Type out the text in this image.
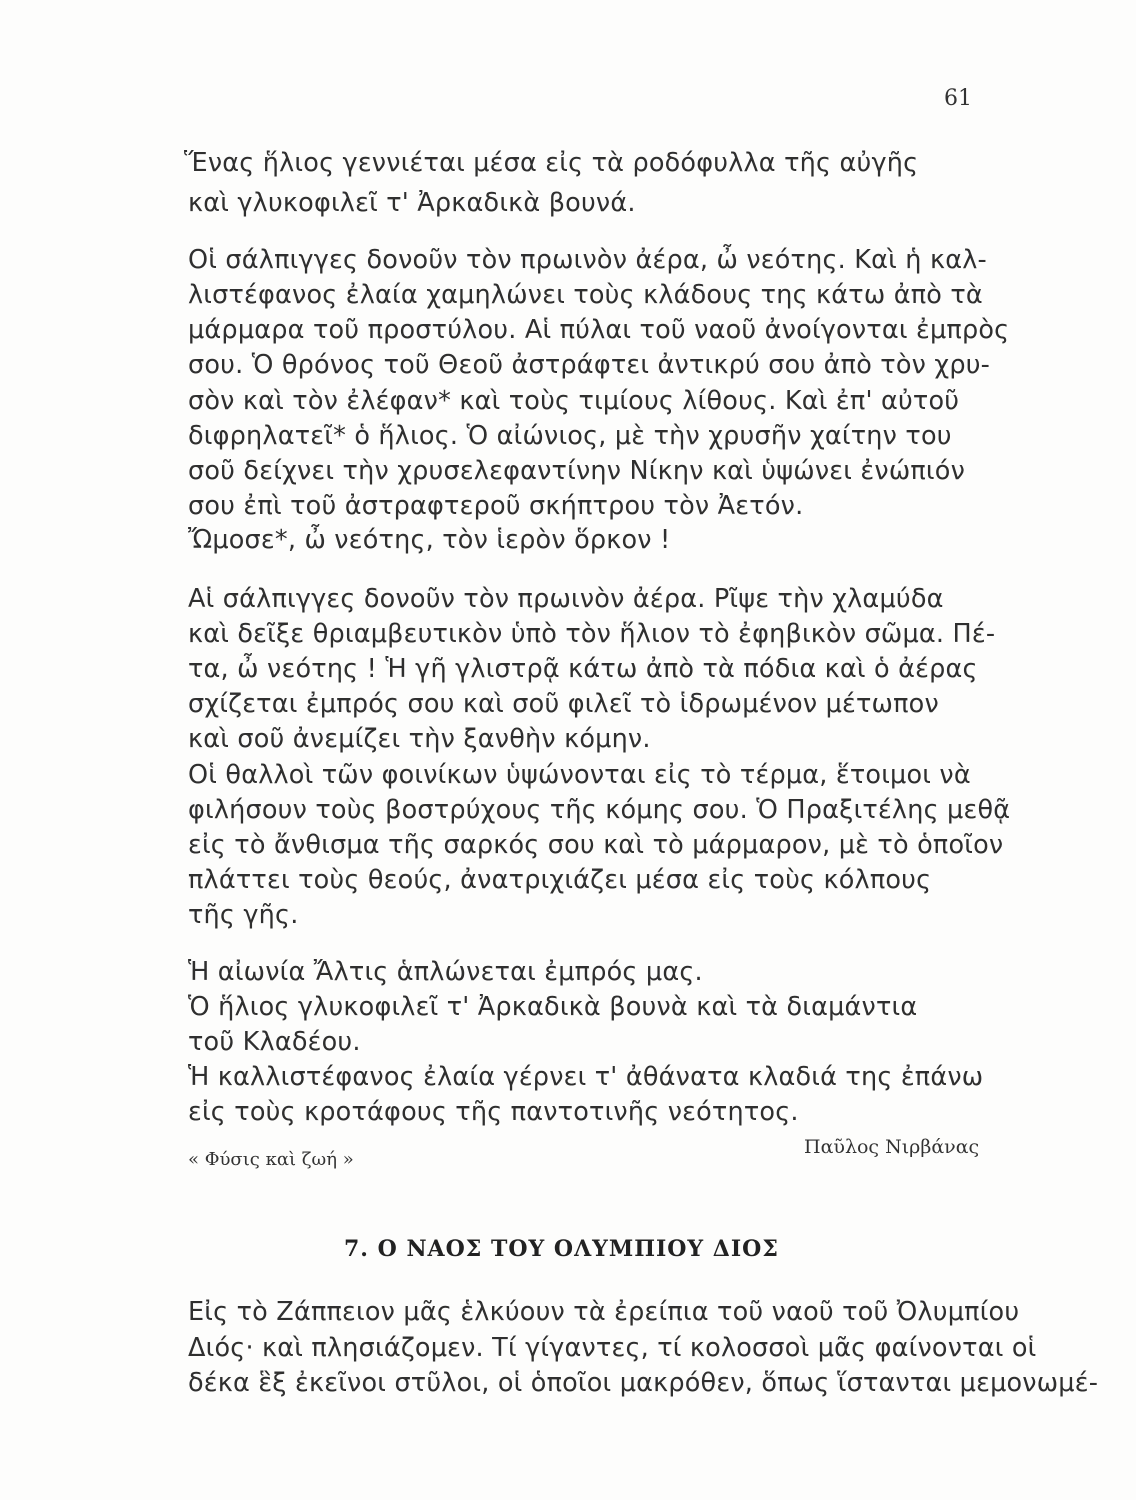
61
Ἕνας ἥλιος γεννιέται μέσα εἰς τὰ ροδόφυλλα τῆς αὐγῆς
καὶ γλυκοφιλεῖ τ' Ἀρκαδικὰ βουνά.
Οἱ σάλπιγγες δονοῦν τὸν πρωινὸν ἀέρα, ὦ νεότης. Καὶ ἡ καλ-
λιστέφανος ἐλαία χαμηλώνει τοὺς κλάδους της κάτω ἀπὸ τὰ
μάρμαρα τοῦ προστύλου. Αἱ πύλαι τοῦ ναοῦ ἀνοίγονται ἐμπρὸς
σου. Ὁ θρόνος τοῦ Θεοῦ ἀστράφτει ἀντικρύ σου ἀπὸ τὸν χρυ-
σὸν καὶ τὸν ἐλέφαν* καὶ τοὺς τιμίους λίθους. Καὶ ἐπ' αὐτοῦ
διφρηλατεῖ* ὁ ἥλιος. Ὁ αἰώνιος, μὲ τὴν χρυσῆν χαίτην του
σοῦ δείχνει τὴν χρυσελεφαντίνην Νίκην καὶ ὑψώνει ἐνώπιόν
σου ἐπὶ τοῦ ἀστραφτεροῦ σκήπτρου τὸν Ἀετόν.
Ὤμοσε*, ὦ νεότης, τὸν ἱερὸν ὅρκον !
Αἱ σάλπιγγες δονοῦν τὸν πρωινὸν ἀέρα. Ρῖψε τὴν χλαμύδα
καὶ δεῖξε θριαμβευτικὸν ὑπὸ τὸν ἥλιον τὸ ἐφηβικὸν σῶμα. Πέ-
τα, ὦ νεότης ! Ἡ γῆ γλιστρᾷ κάτω ἀπὸ τὰ πόδια καὶ ὁ ἀέρας
σχίζεται ἐμπρός σου καὶ σοῦ φιλεῖ τὸ ἱδρωμένον μέτωπον
καὶ σοῦ ἀνεμίζει τὴν ξανθὴν κόμην.
Οἱ θαλλοὶ τῶν φοινίκων ὑψώνονται εἰς τὸ τέρμα, ἕτοιμοι νὰ
φιλήσουν τοὺς βοστρύχους τῆς κόμης σου. Ὁ Πραξιτέλης μεθᾷ
εἰς τὸ ἄνθισμα τῆς σαρκός σου καὶ τὸ μάρμαρον, μὲ τὸ ὁποῖον
πλάττει τοὺς θεούς, ἀνατριχιάζει μέσα εἰς τοὺς κόλπους
τῆς γῆς.
Ἡ αἰωνία Ἄλτις ἁπλώνεται ἐμπρός μας.
Ὁ ἥλιος γλυκοφιλεῖ τ' Ἀρκαδικὰ βουνὰ καὶ τὰ διαμάντια
τοῦ Κλαδέου.
Ἡ καλλιστέφανος ἐλαία γέρνει τ' ἀθάνατα κλαδιά της ἐπάνω
εἰς τοὺς κροτάφους τῆς παντοτινῆς νεότητος.
Παῦλος Νιρβάνας
« Φύσις καὶ ζωή »
7. Ο ΝΑΟΣ ΤΟΥ ΟΛΥΜΠΙΟΥ ΔΙΟΣ
Εἰς τὸ Ζάππειον μᾶς ἑλκύουν τὰ ἐρείπια τοῦ ναοῦ τοῦ Ὀλυμπίου
Διός· καὶ πλησιάζομεν. Τί γίγαντες, τί κολοσσοὶ μᾶς φαίνονται οἱ
δέκα ἓξ ἐκεῖνοι στῦλοι, οἱ ὁποῖοι μακρόθεν, ὅπως ἵστανται μεμονωμέ-
